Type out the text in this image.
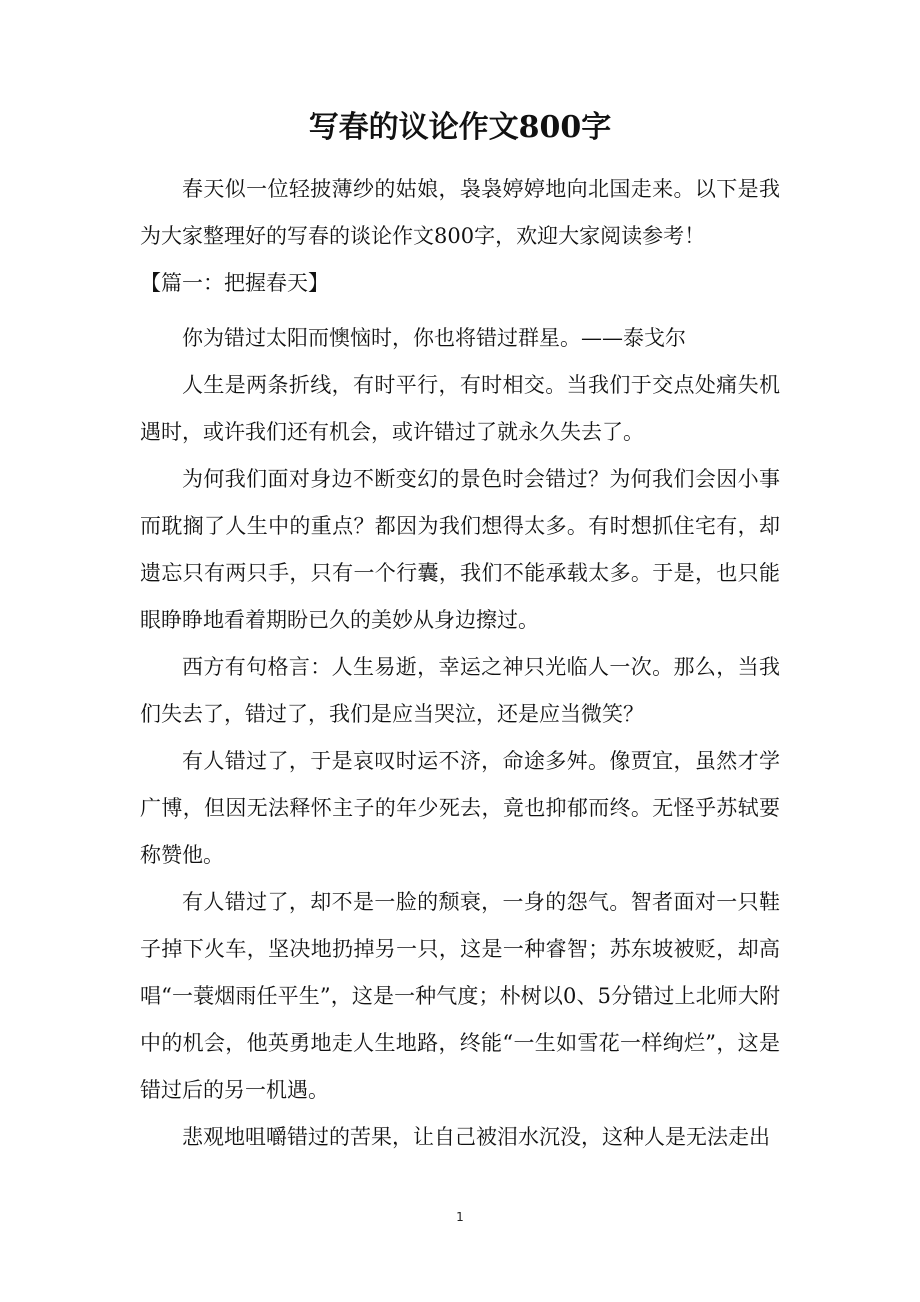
写春的议论作文800字

春天似一位轻披薄纱的姑娘，袅袅婷婷地向北国走来。以下是我为大家整理好的写春的谈论作文800字，欢迎大家阅读参考！

【篇一：把握春天】

你为错过太阳而懊恼时，你也将错过群星。——泰戈尔

人生是两条折线，有时平行，有时相交。当我们于交点处痛失机遇时，或许我们还有机会，或许错过了就永久失去了。

为何我们面对身边不断变幻的景色时会错过？为何我们会因小事而耽搁了人生中的重点？都因为我们想得太多。有时想抓住宅有，却遗忘只有两只手，只有一个行囊，我们不能承载太多。于是，也只能眼睁睁地看着期盼已久的美妙从身边擦过。

西方有句格言：人生易逝，幸运之神只光临人一次。那么，当我们失去了，错过了，我们是应当哭泣，还是应当微笑？

有人错过了，于是哀叹时运不济，命途多舛。像贾宜，虽然才学广博，但因无法释怀主子的年少死去，竟也抑郁而终。无怪乎苏轼要称赞他。

有人错过了，却不是一脸的颓衰，一身的怨气。智者面对一只鞋子掉下火车，坚决地扔掉另一只，这是一种睿智；苏东坡被贬，却高唱“一蓑烟雨任平生”，这是一种气度；朴树以0、5分错过上北师大附中的机会，他英勇地走人生地路，终能“一生如雪花一样绚烂”，这是错过后的另一机遇。

悲观地咀嚼错过的苦果，让自己被泪水沉没，这种人是无法走出

1
